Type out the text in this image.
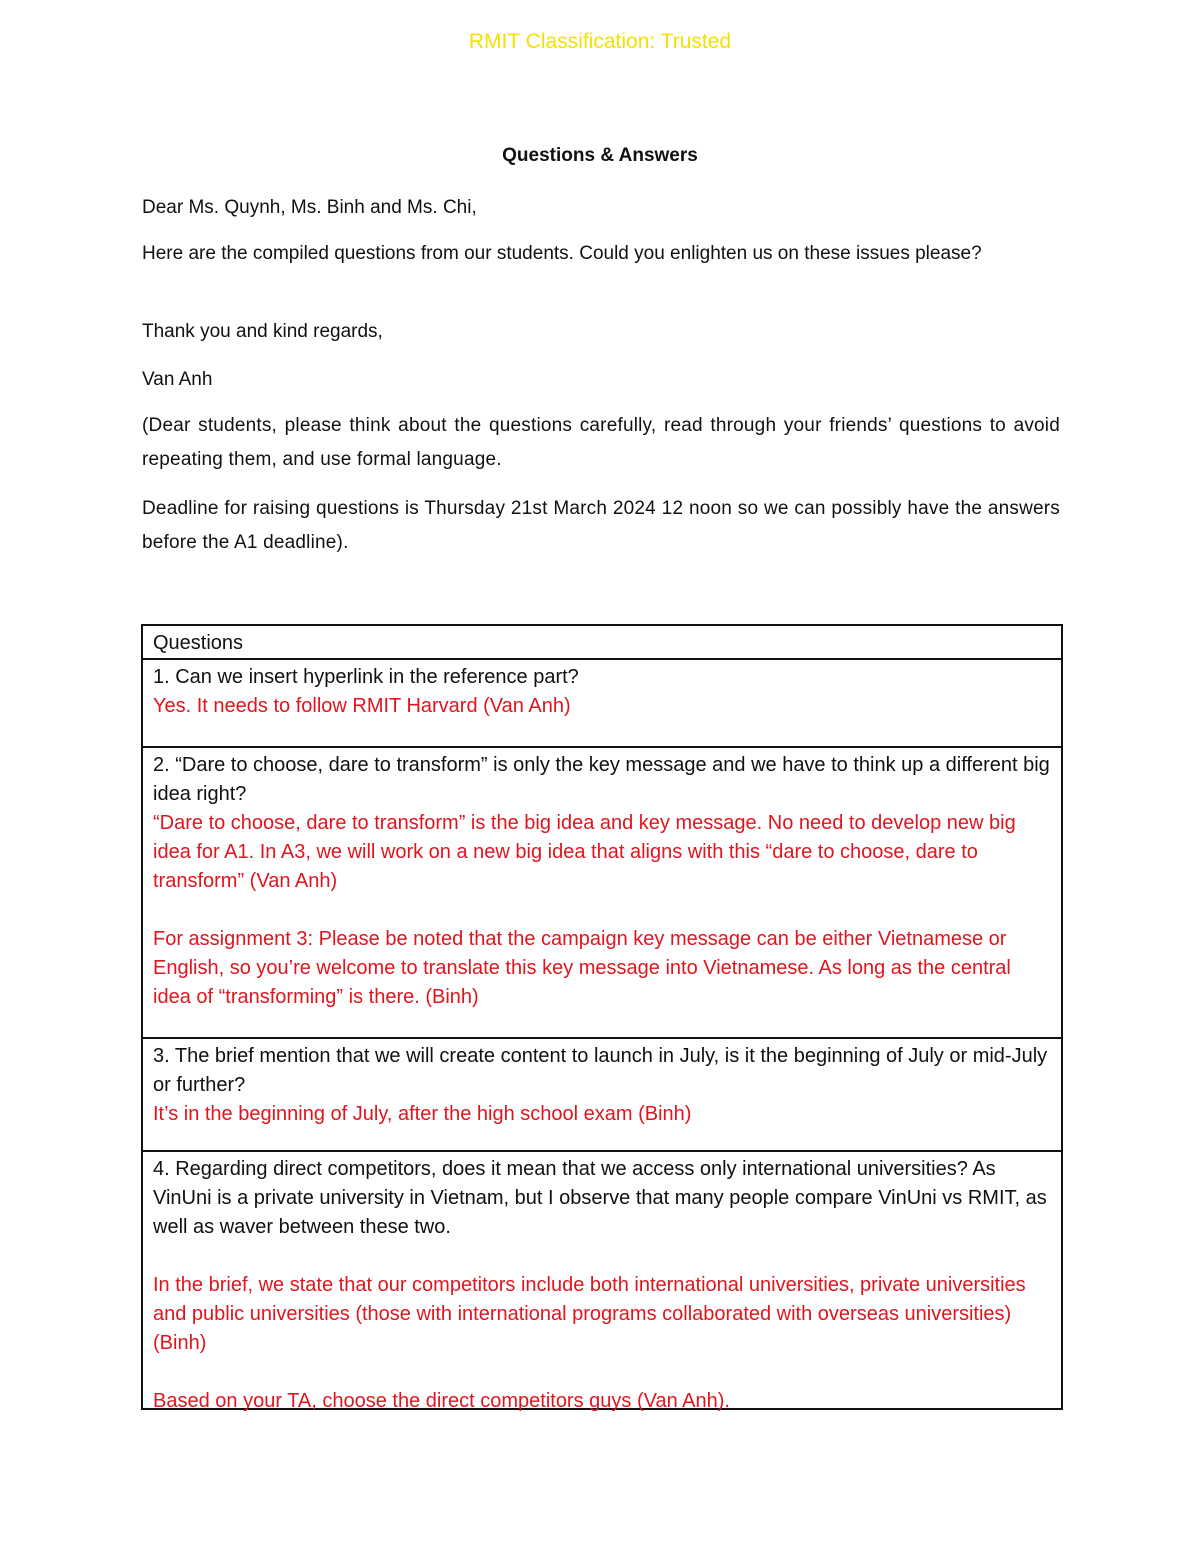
RMIT Classification: Trusted
Questions & Answers
Dear Ms. Quynh, Ms. Binh and Ms. Chi,
Here are the compiled questions from our students. Could you enlighten us on these issues please?
Thank you and kind regards,
Van Anh
(Dear students, please think about the questions carefully, read through your friends’ questions to avoid repeating them, and use formal language.
Deadline for raising questions is Thursday 21st March 2024 12 noon so we can possibly have the answers before the A1 deadline).
Questions
1. Can we insert hyperlink in the reference part?
Yes. It needs to follow RMIT Harvard (Van Anh)
2. “Dare to choose, dare to transform” is only the key message and we have to think up a different big idea right?
“Dare to choose, dare to transform” is the big idea and key message. No need to develop new big idea for A1. In A3, we will work on a new big idea that aligns with this “dare to choose, dare to transform” (Van Anh)
For assignment 3: Please be noted that the campaign key message can be either Vietnamese or English, so you’re welcome to translate this key message into Vietnamese. As long as the central idea of “transforming” is there. (Binh)
3. The brief mention that we will create content to launch in July, is it the beginning of July or mid-July or further?
It’s in the beginning of July, after the high school exam (Binh)
4. Regarding direct competitors, does it mean that we access only international universities? As VinUni is a private university in Vietnam, but I observe that many people compare VinUni vs RMIT, as well as waver between these two.
In the brief, we state that our competitors include both international universities, private universities and public universities (those with international programs collaborated with overseas universities) (Binh)
Based on your TA, choose the direct competitors guys (Van Anh).
